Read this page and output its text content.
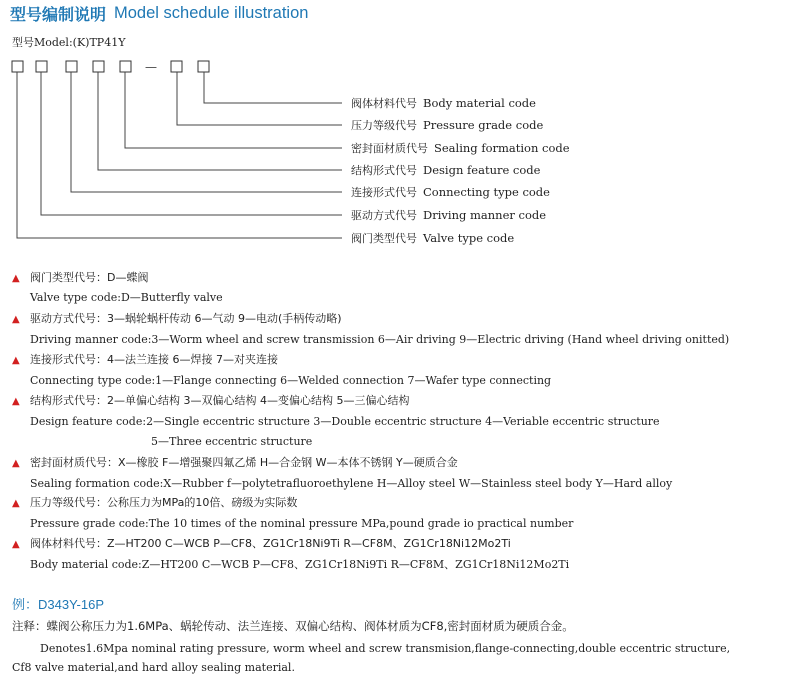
型号编制说明 Model schedule illustration
型号Model:(K)TP41Y
—
阀体材料代号 Body material code
压力等级代号 Pressure grade code
密封面材质代号 Sealing formation code
结构形式代号 Design feature code
连接形式代号 Connecting type code
驱动方式代号 Driving manner code
阀门类型代号 Valve type code
▲ 阀门类型代号：D—蝶阀
Valve type code:D—Butterfly valve
▲ 驱动方式代号：3—蜗轮蜗杆传动 6—气动 9—电动(手柄传动略)
Driving manner code:3—Worm wheel and screw transmission 6—Air driving 9—Electric driving (Hand wheel driving onitted)
▲ 连接形式代号：4—法兰连接 6—焊接 7—对夹连接
Connecting type code:1—Flange connecting 6—Welded connection 7—Wafer type connecting
▲ 结构形式代号：2—单偏心结构 3—双偏心结构 4—变偏心结构 5—三偏心结构
Design feature code:2—Single eccentric structure 3—Double eccentric structure 4—Veriable eccentric structure
5—Three eccentric structure
▲ 密封面材质代号：X—橡胶 F—增强聚四氟乙烯 H—合金钢 W—本体不锈钢 Y—硬质合金
Sealing formation code:X—Rubber f—polytetrafluoroethylene H—Alloy steel W—Stainless steel body Y—Hard alloy
▲ 压力等级代号：公称压力为MPa的10倍、磅级为实际数
Pressure grade code:The 10 times of the nominal pressure MPa,pound grade io practical number
▲ 阀体材料代号：Z—HT200 C—WCB P—CF8、ZG1Cr18Ni9Ti R—CF8M、ZG1Cr18Ni12Mo2Ti
Body material code:Z—HT200 C—WCB P—CF8、ZG1Cr18Ni9Ti R—CF8M、ZG1Cr18Ni12Mo2Ti
例：D343Y-16P
注释：蝶阀公称压力为1.6MPa、蜗轮传动、法兰连接、双偏心结构、阀体材质为CF8,密封面材质为硬质合金。
Denotes1.6Mpa nominal rating pressure, worm wheel and screw transmision,flange-connecting,double eccentric structure,
Cf8 valve material,and hard alloy sealing material.
